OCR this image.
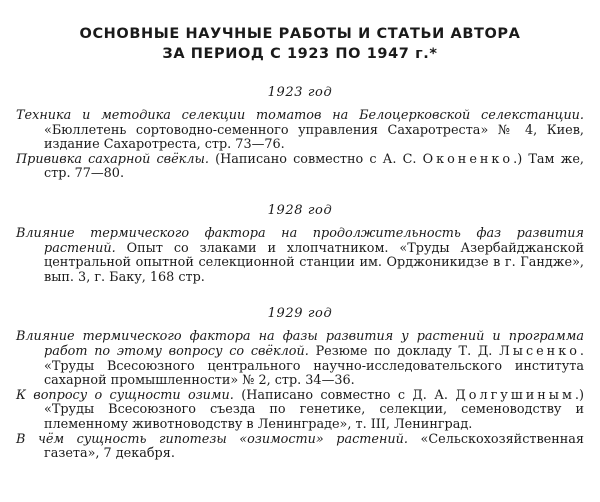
ОСНОВНЫЕ НАУЧНЫЕ РАБОТЫ И СТАТЬИ АВТОРА
ЗА ПЕРИОД С 1923 ПО 1947 г.*
1923 год

Техника и методика селекции томатов на Белоцерковской селекстанции. «Бюллетень сортоводно-семенного управления Сахаротреста» № 4, Киев, издание Сахаротреста, стр. 73—76.

Прививка сахарной свёклы. (Написано совместно с А. С. Оконенко.) Там же, стр. 77—80.

1928 год

Влияние термического фактора на продолжительность фаз развития растений. Опыт со злаками и хлопчатником. «Труды Азербайджанской центральной опытной селекционной станции им. Орджоникидзе в г. Гандже», вып. 3, г. Баку, 168 стр.

1929 год

Влияние термического фактора на фазы развития у растений и программа работ по этому вопросу со свёклой. Резюме по докладу Т. Д. Лысенко. «Труды Всесоюзного центрального научно-исследовательского института сахарной промышленности» № 2, стр. 34—36.

К вопросу о сущности озими. (Написано совместно с Д. А. Долгушиным.) «Труды Всесоюзного съезда по генетике, селекции, семеноводству и племенному животноводству в Ленинграде», т. III, Ленинград.

В чём сущность гипотезы «озимости» растений. «Сельскохозяйственная газета», 7 декабря.
